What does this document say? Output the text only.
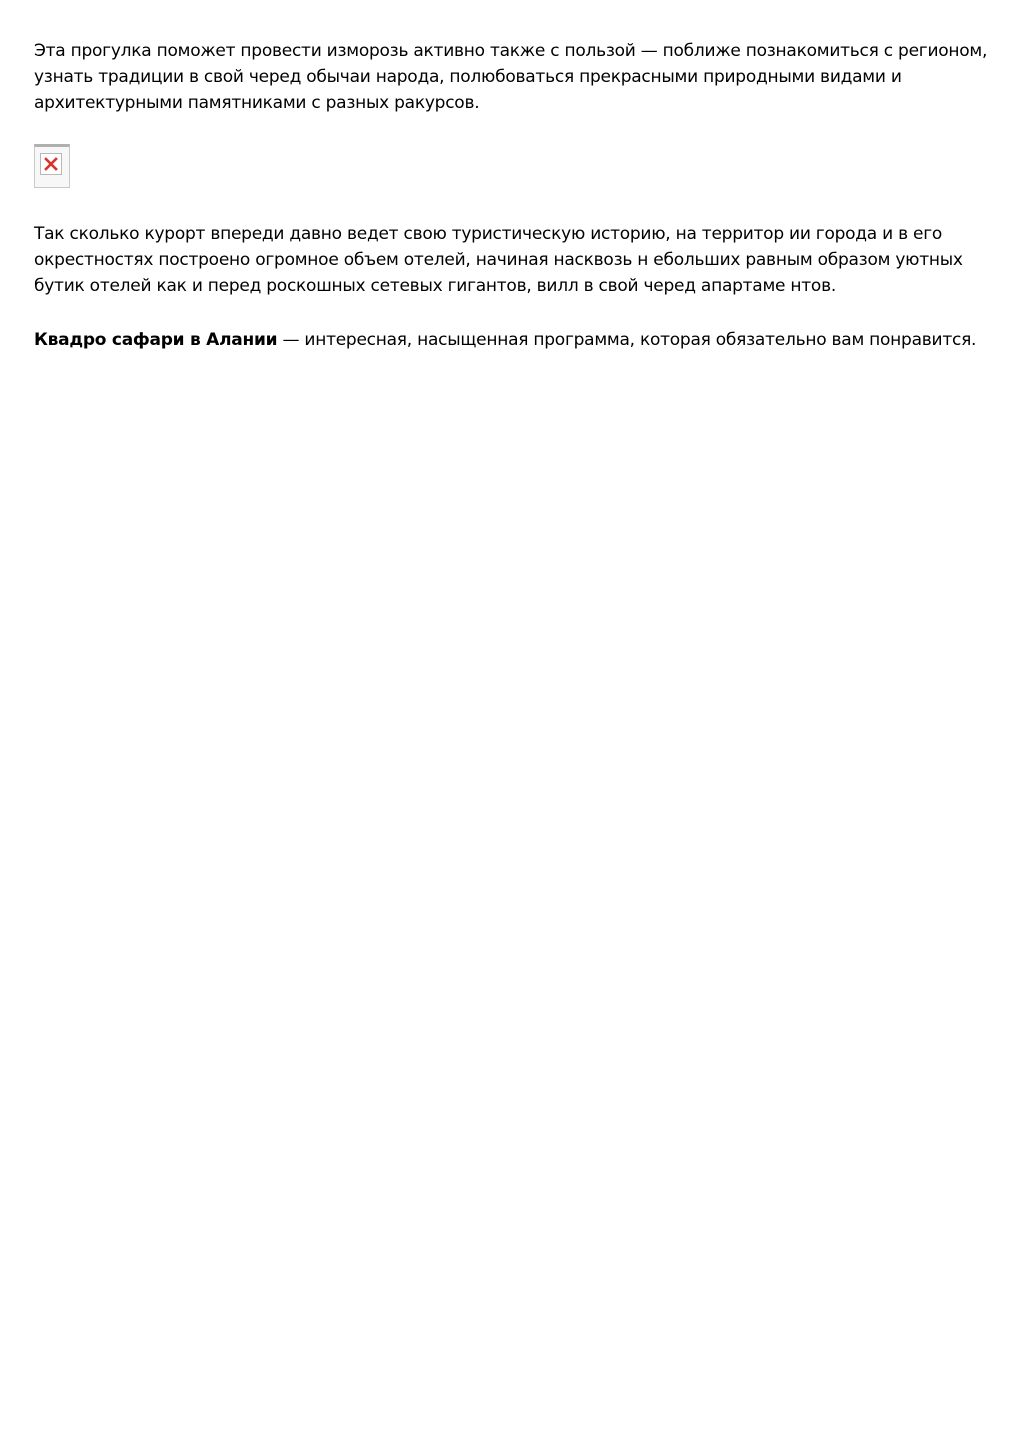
Эта прогулка поможет провести изморозь активно также с пользой — поближе познакомиться с регионом, узнать традиции в свой черед обычаи народа, полюбоваться прекрасными природными видами и архитектурными памятниками с разных ракурсов.

Так сколько курорт впереди давно ведет свою туристическую историю, на территор ии города и в его окрестностях построено огромное объем отелей, начиная насквозь н ебольших равным образом уютных бутик отелей как и перед роскошных сетевых гигантов, вилл в свой черед апартаме нтов.

Квадро сафари в Алании — интересная, насыщенная программа, которая обязательно вам понравится.
